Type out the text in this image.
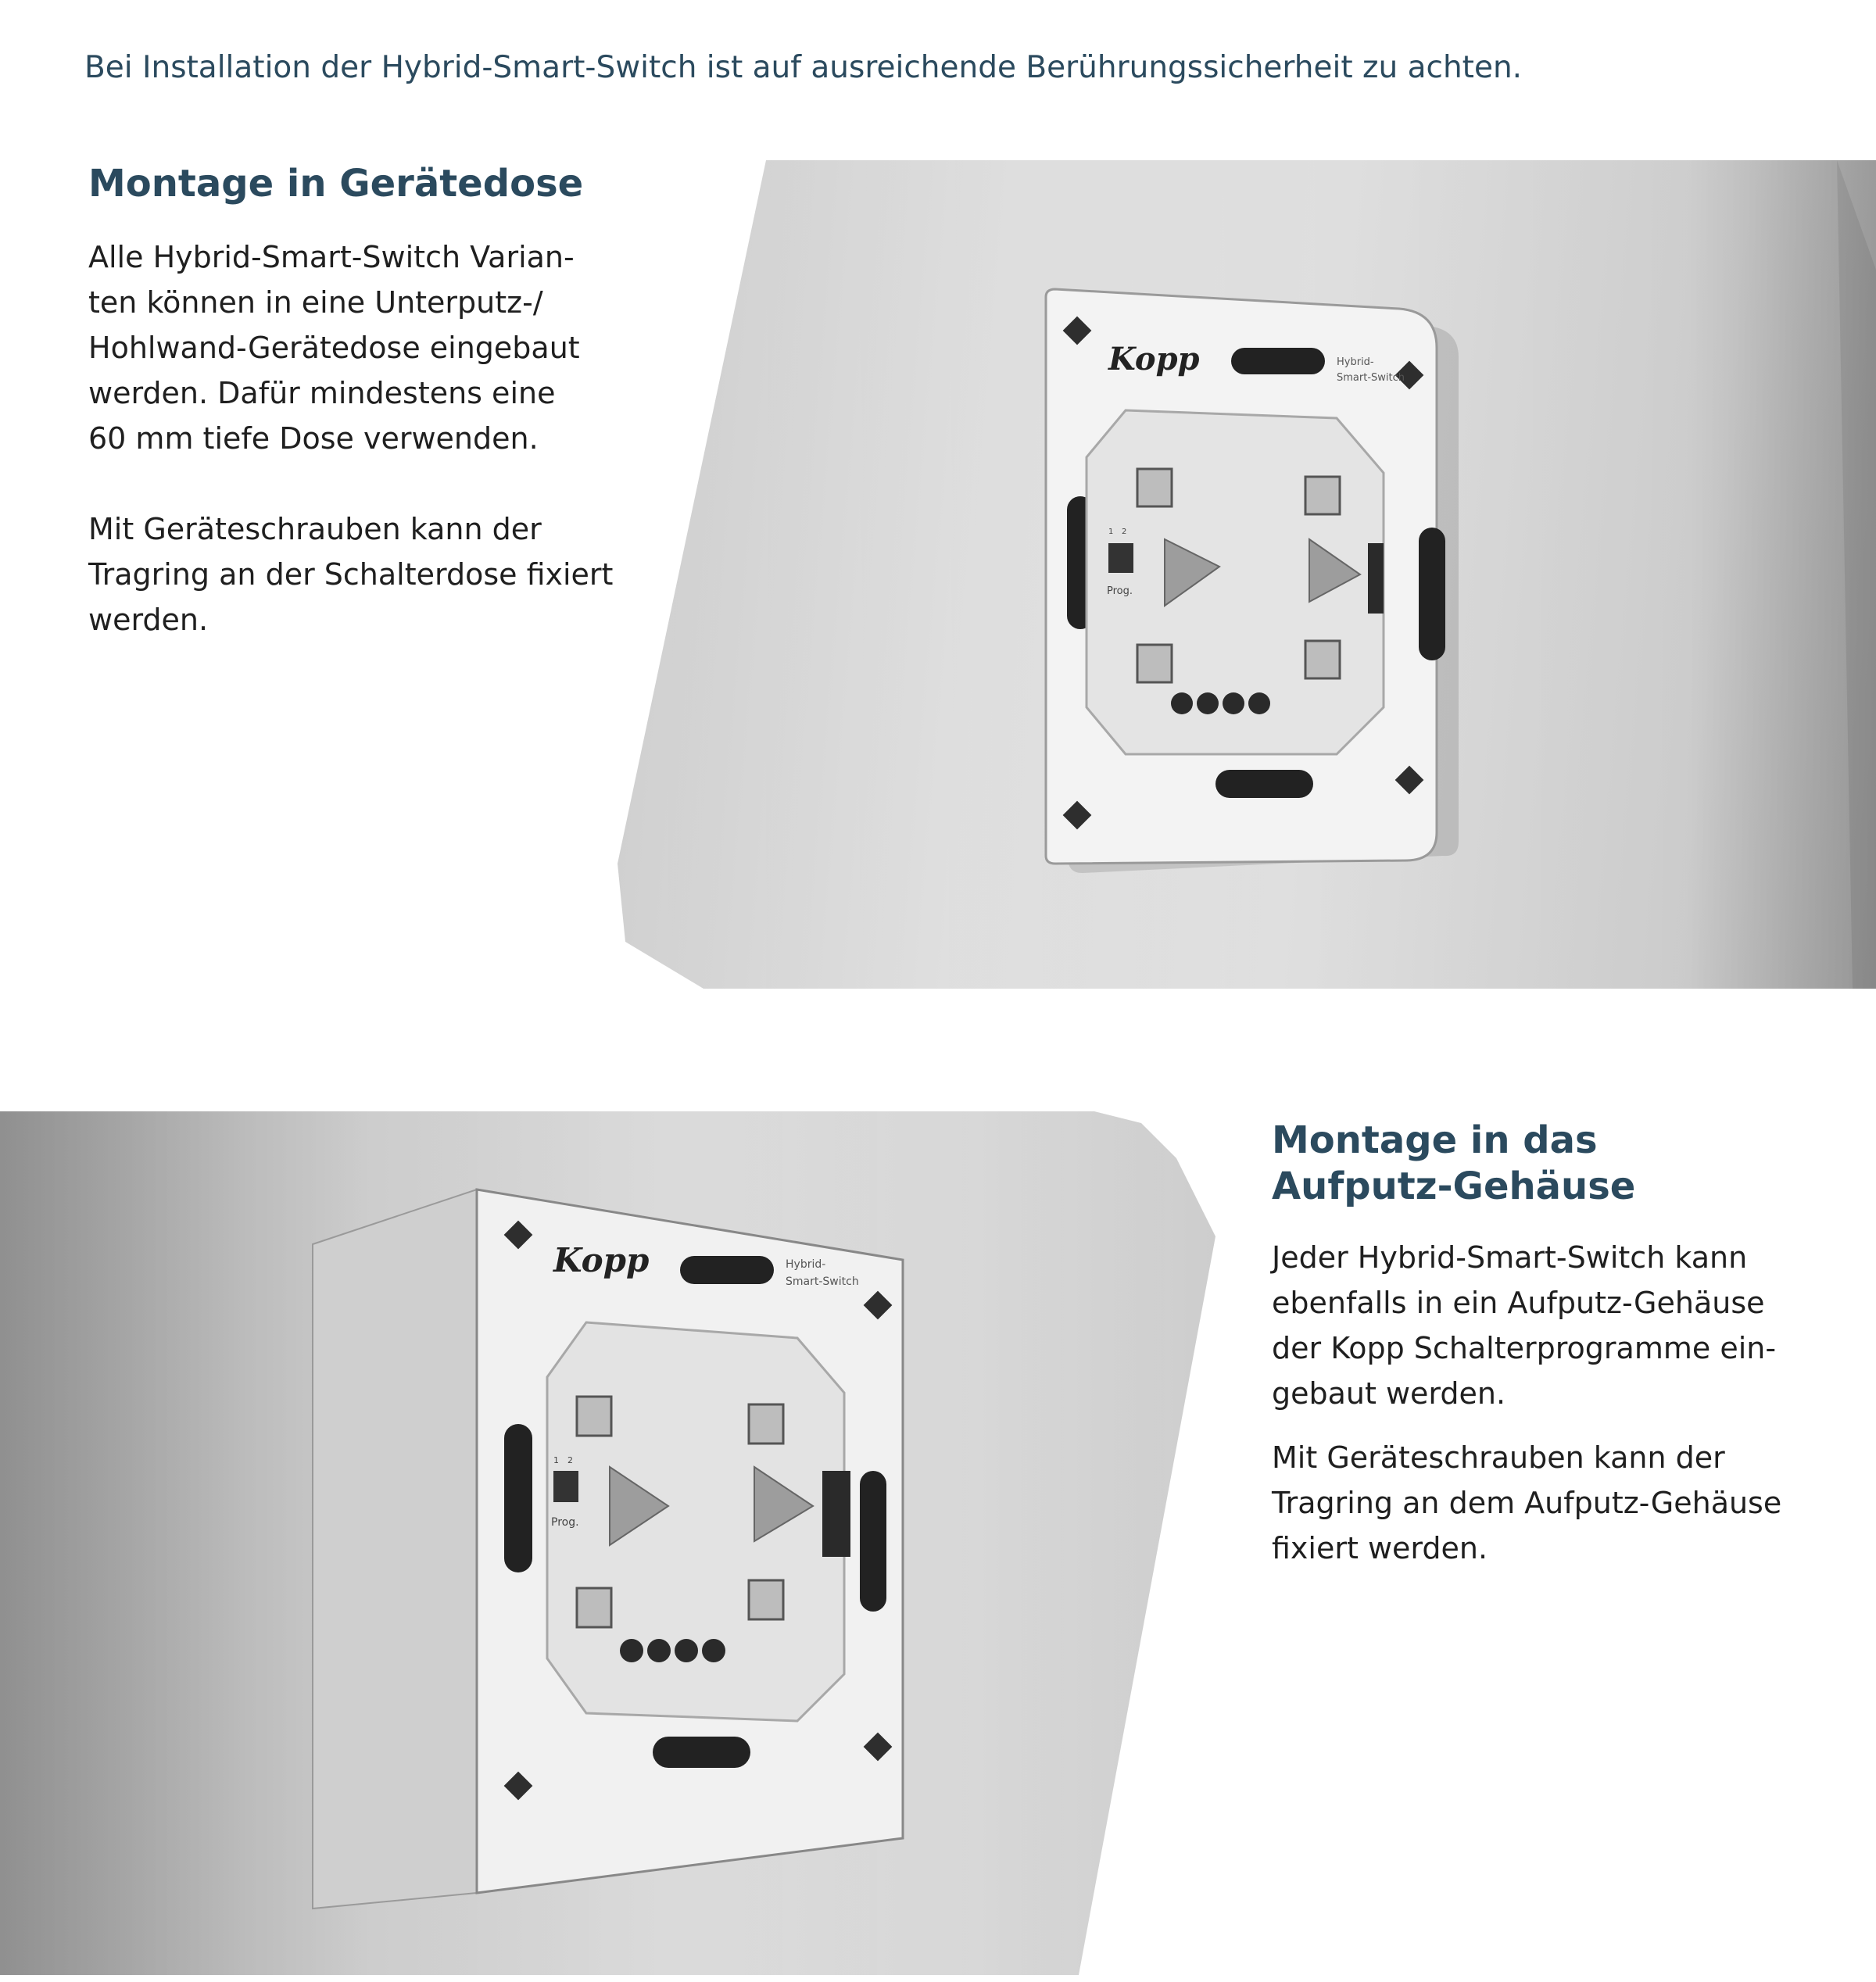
Bei Installation der Hybrid-Smart-Switch ist auf ausreichende Berührungssicherheit zu achten.

Montage in Gerätedose
Alle Hybrid-Smart-Switch Varian-
ten können in eine Unterputz-/
Hohlwand-Gerätedose eingebaut
werden. Dafür mindestens eine
60 mm tiefe Dose verwenden.
Mit Geräteschrauben kann der
Tragring an der Schalterdose fixiert
werden.
Kopp	Hybrid-
Smart-Switch
1 2
Prog.
Kopp	Hybrid-
Smart-Switch
1 2
Prog.
Montage in das
Aufputz-Gehäuse
Jeder Hybrid-Smart-Switch kann
ebenfalls in ein Aufputz-Gehäuse
der Kopp Schalterprogramme ein-
gebaut werden.
Mit Geräteschrauben kann der
Tragring an dem Aufputz-Gehäuse
fixiert werden.
